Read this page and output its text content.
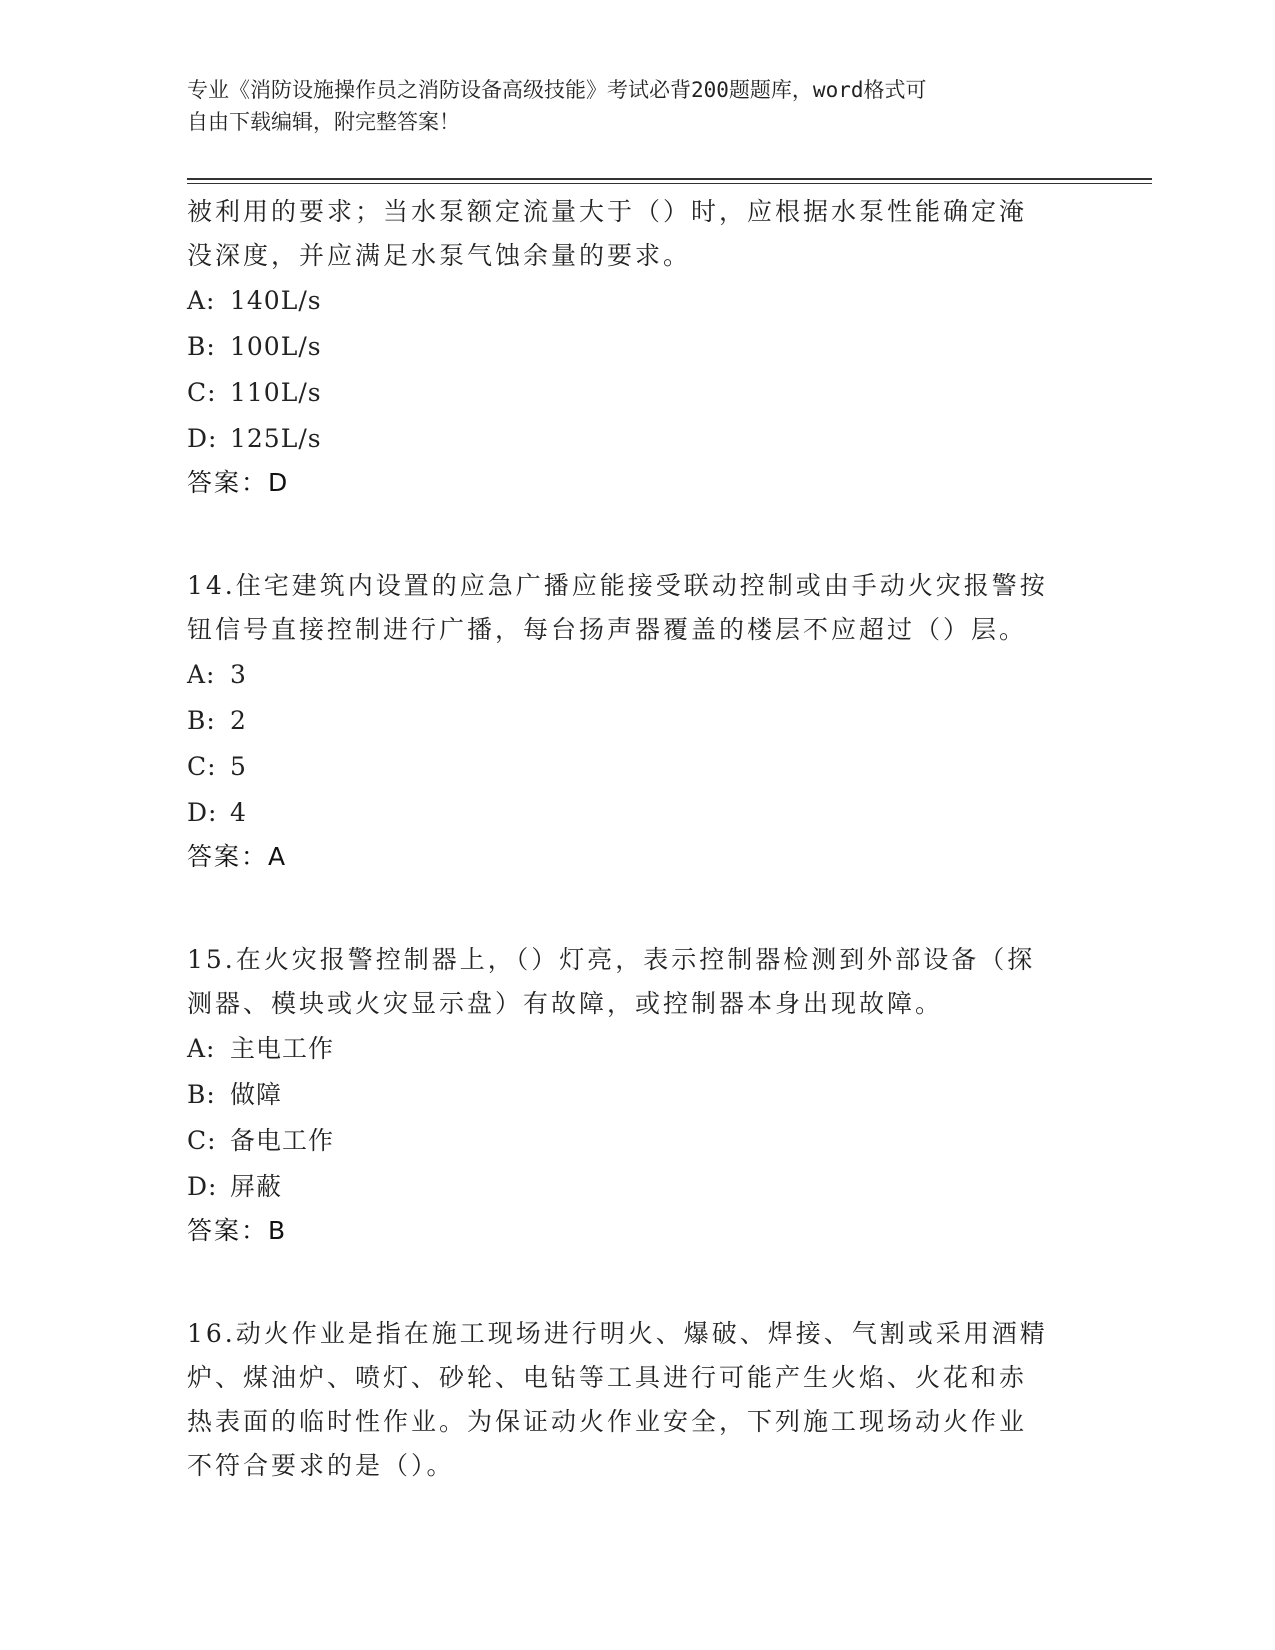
专业《消防设施操作员之消防设备高级技能》考试必背200题题库，word格式可
自由下载编辑，附完整答案！

被利用的要求；当水泵额定流量大于（）时，应根据水泵性能确定淹

没深度，并应满足水泵气蚀余量的要求。

A: 140L/s

B: 100L/s

C: 110L/s

D: 125L/s

答案：D

14.住宅建筑内设置的应急广播应能接受联动控制或由手动火灾报警按

钮信号直接控制进行广播，每台扬声器覆盖的楼层不应超过（）层。

A: 3

B: 2

C: 5

D: 4

答案：A

15.在火灾报警控制器上，（）灯亮，表示控制器检测到外部设备（探

测器、模块或火灾显示盘）有故障，或控制器本身出现故障。

A: 主电工作

B: 做障

C: 备电工作

D: 屏蔽

答案：B

16.动火作业是指在施工现场进行明火、爆破、焊接、气割或采用酒精

炉、煤油炉、喷灯、砂轮、电钻等工具进行可能产生火焰、火花和赤

热表面的临时性作业。为保证动火作业安全，下列施工现场动火作业

不符合要求的是（）。
